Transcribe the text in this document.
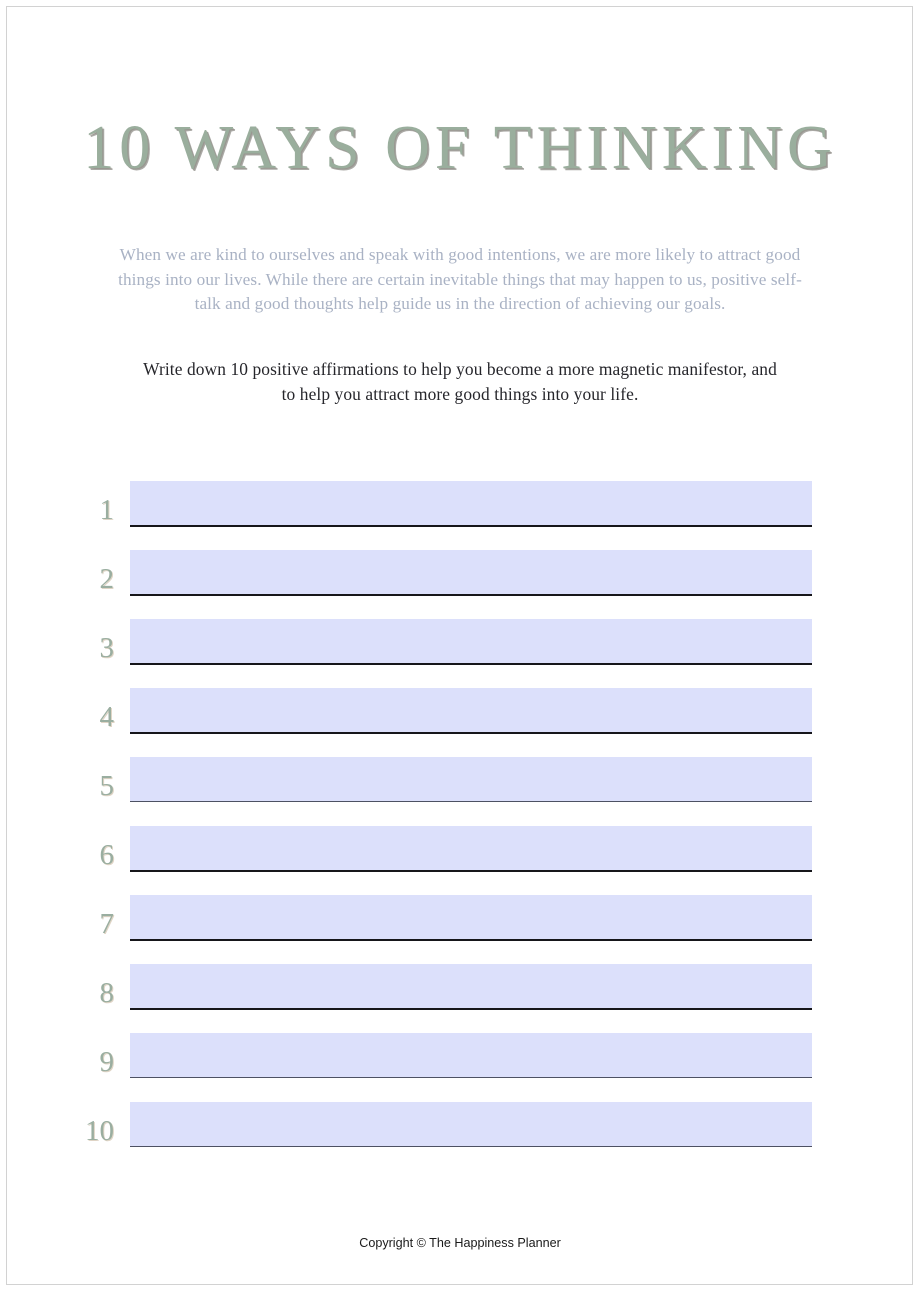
10 WAYS OF THINKING
When we are kind to ourselves and speak with good intentions, we are more likely to attract good things into our lives. While there are certain inevitable things that may happen to us, positive self-talk and good thoughts help guide us in the direction of achieving our goals.
Write down 10 positive affirmations to help you become a more magnetic manifestor, and to help you attract more good things into your life.
1
2
3
4
5
6
7
8
9
10
Copyright © The Happiness Planner
